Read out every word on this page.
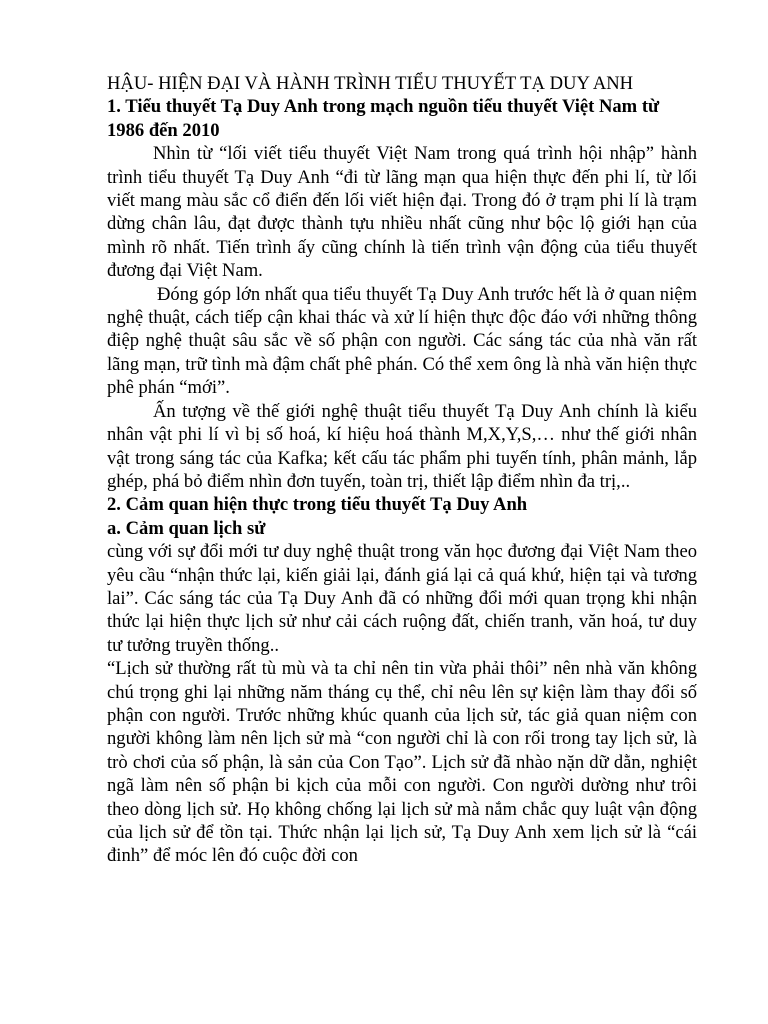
HẬU- HIỆN ĐẠI VÀ HÀNH TRÌNH TIỂU THUYẾT TẠ DUY ANH
1. Tiểu thuyết Tạ Duy Anh trong mạch nguồn tiểu thuyết Việt Nam từ 1986 đến 2010

Nhìn từ “lối viết tiểu thuyết Việt Nam trong quá trình hội nhập” hành trình tiểu thuyết Tạ Duy Anh “đi từ lãng mạn qua hiện thực đến phi lí, từ lối viết mang màu sắc cổ điển đến lối viết hiện đại. Trong đó ở trạm phi lí là trạm dừng chân lâu, đạt được thành tựu nhiều nhất cũng như bộc lộ giới hạn của mình rõ nhất. Tiến trình ấy cũng chính là tiến trình vận động của tiểu thuyết đương đại Việt Nam.

Đóng góp lớn nhất qua tiểu thuyết Tạ Duy Anh trước hết là ở quan niệm nghệ thuật, cách tiếp cận khai thác và xử lí hiện thực độc đáo với những thông điệp nghệ thuật sâu sắc về số phận con người. Các sáng tác của nhà văn rất lãng mạn, trữ tình mà đậm chất phê phán. Có thể xem ông là nhà văn hiện thực phê phán “mới”.

Ấn tượng về thế giới nghệ thuật tiểu thuyết Tạ Duy Anh chính là kiểu nhân vật phi lí vì bị số hoá, kí hiệu hoá thành M,X,Y,S,… như thế giới nhân vật trong sáng tác của Kafka; kết cấu tác phẩm phi tuyến tính, phân mảnh, lắp ghép, phá bỏ điểm nhìn đơn tuyến, toàn trị, thiết lập điểm nhìn đa trị,..

2. Cảm quan hiện thực trong tiểu thuyết Tạ Duy Anh
a. Cảm quan lịch sử

cùng với sự đổi mới tư duy nghệ thuật trong văn học đương đại Việt Nam theo yêu cầu “nhận thức lại, kiến giải lại, đánh giá lại cả quá khứ, hiện tại và tương lai”. Các sáng tác của Tạ Duy Anh đã có những đổi mới quan trọng khi nhận thức lại hiện thực lịch sử như cải cách ruộng đất, chiến tranh, văn hoá, tư duy tư tưởng truyền thống..

“Lịch sử thường rất tù mù và ta chỉ nên tin vừa phải thôi” nên nhà văn không chú trọng ghi lại những năm tháng cụ thể, chỉ nêu lên sự kiện làm thay đổi số phận con người. Trước những khúc quanh của lịch sử, tác giả quan niệm con người không làm nên lịch sử mà “con người chỉ là con rối trong tay lịch sử, là trò chơi của số phận, là sản của Con Tạo”. Lịch sử đã nhào nặn dữ dằn, nghiệt ngã làm nên số phận bi kịch của mỗi con người. Con người dường như trôi theo dòng lịch sử. Họ không chống lại lịch sử mà nắm chắc quy luật vận động của lịch sử để tồn tại. Thức nhận lại lịch sử, Tạ Duy Anh xem lịch sử là “cái đinh” để móc lên đó cuộc đời con
